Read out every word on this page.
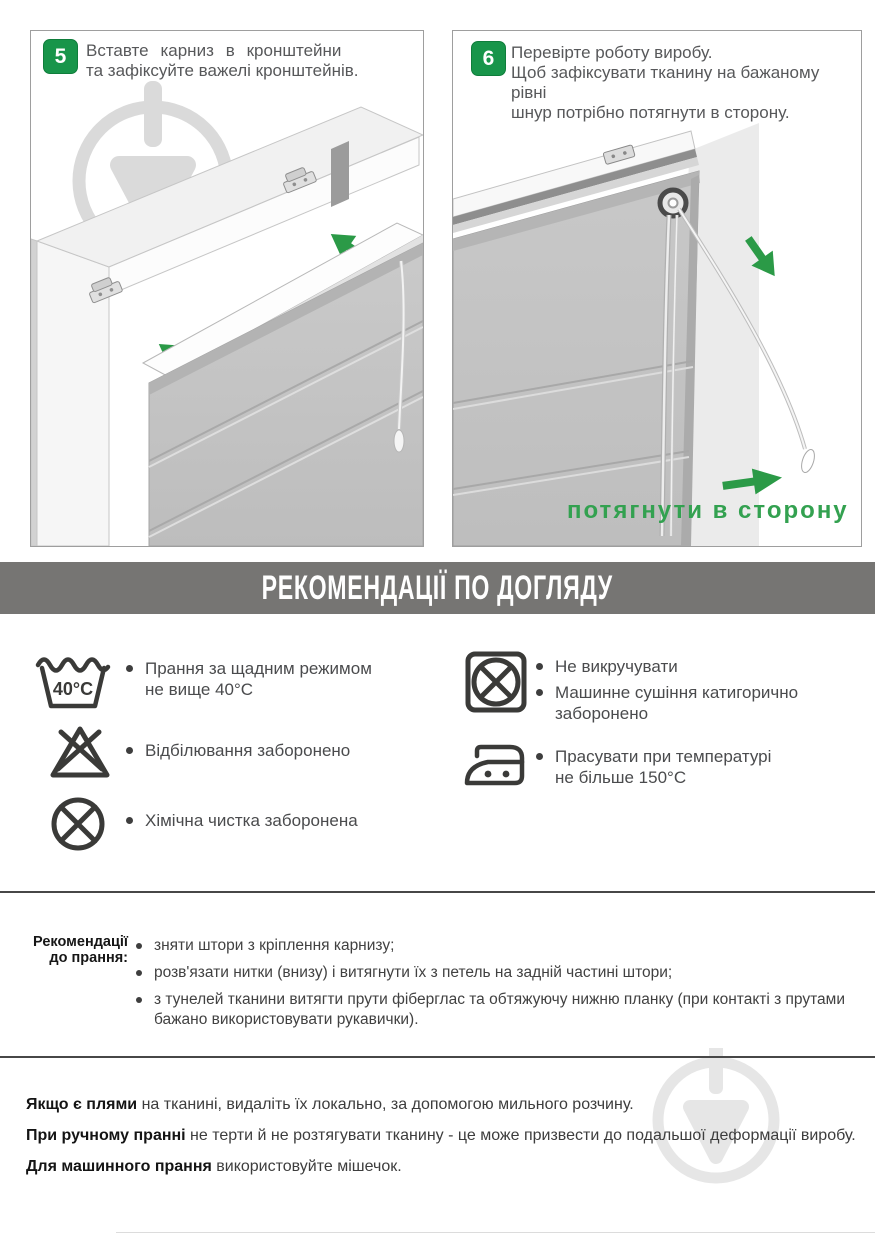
5	Вставте карниз в кронштейни
та зафіксуйте важелі кронштейнів.
6 Перевірте роботу виробу.
Щоб зафіксувати тканину на бажаному рівні
шнур потрібно потягнути в сторону.
потягнути в сторону
РЕКОМЕНДАЦІЇ ПО ДОГЛЯДУ
40°C
Прання за щадним режимом
не вище 40°С
Відбілювання заборонено
Хімічна чистка заборонена
Не викручувати
Машинне сушіння катигорично
заборонено
Прасувати при температурі
не більше 150°С
Рекомендації
до прання:
зняти штори з кріплення карнизу;
розв'язати нитки (внизу) і витягнути їх з петель на задній частині штори;
з тунелей тканини витягти прути фіберглас та обтяжуючу нижню планку (при контакті з прутами бажано використовувати рукавички).
Якщо є плями на тканині, видаліть їх локально, за допомогою мильного розчину.
При ручному пранні не терти й не розтягувати тканину - це може призвести до подальшої деформації виробу.
Для машинного прання використовуйте мішечок.
